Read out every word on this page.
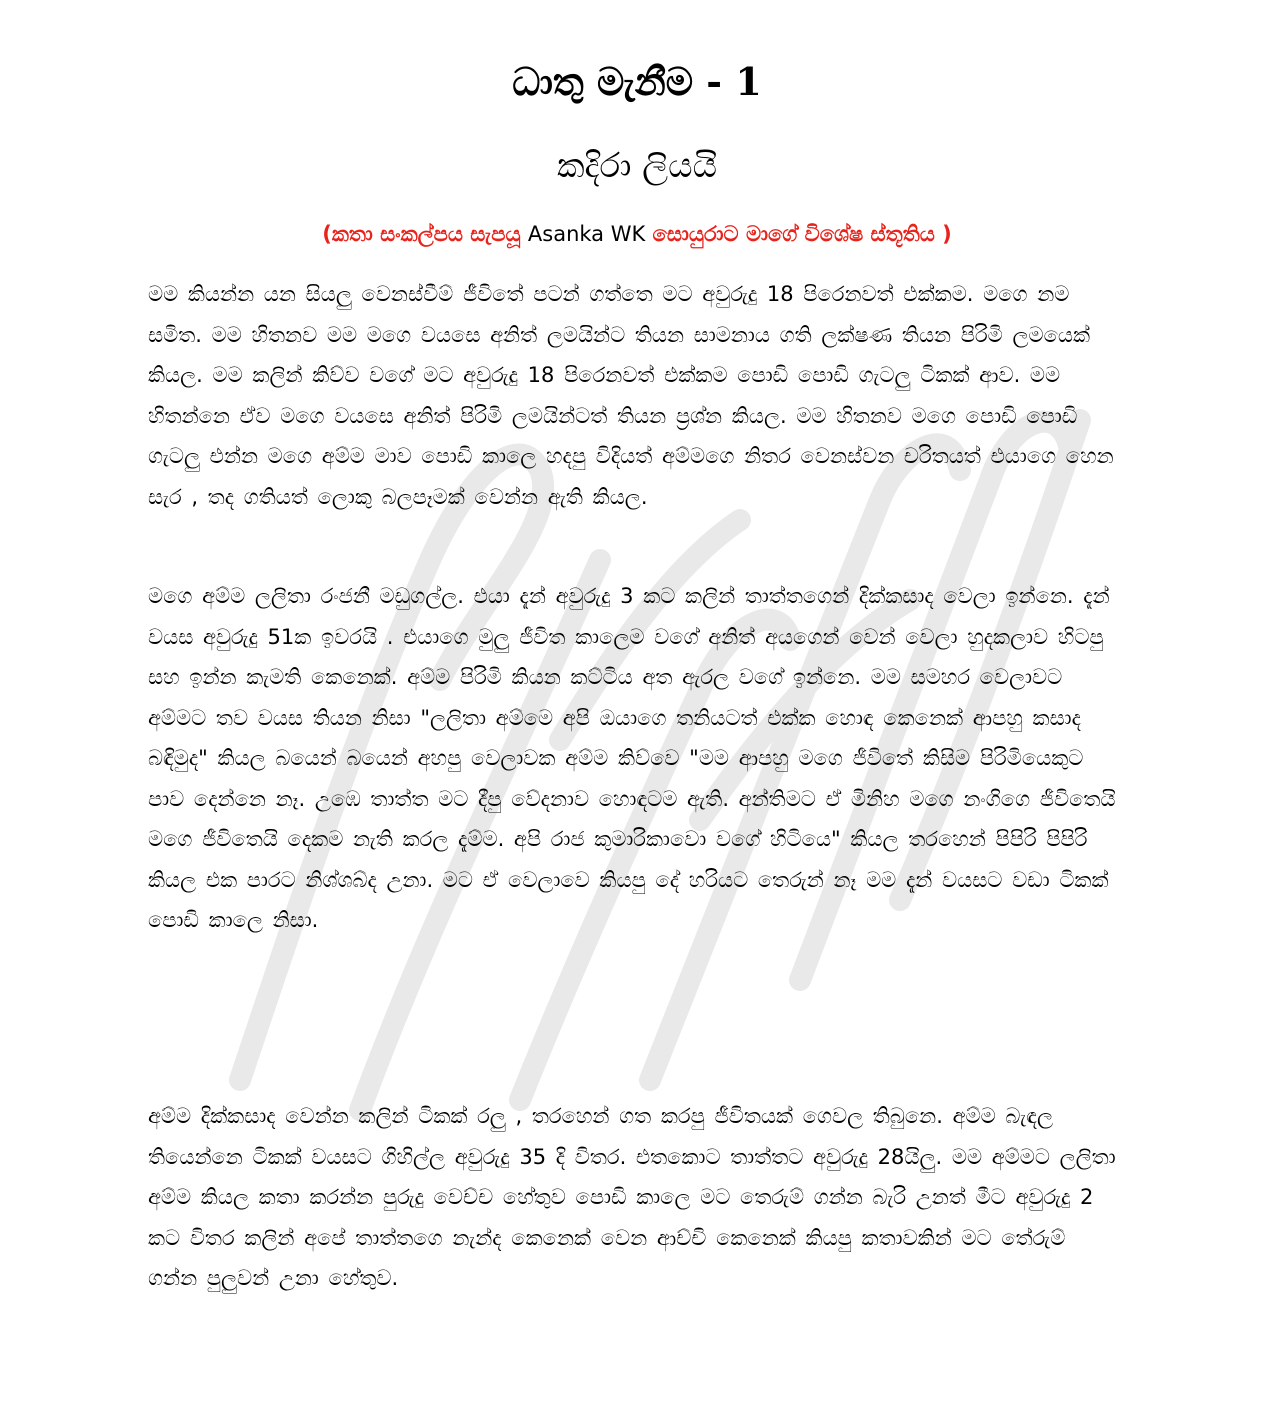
ධාතු මැනීම - 1
කදිරා ලියයි
(කතා සංකල්පය සැපයූ Asanka WK සොයුරාට මාගේ විශේෂ ස්තූතිය )

මම කියන්න යන සියලු වෙනස්වීම් ජීවිතේ පටන් ගත්තෙ මට අවුරුදු 18 පිරෙනවත් එක්කම. මගෙ නම සමිත. මම හිතනව මම මගෙ වයසෙ අනිත් ලමයින්ට තියන සාමනාය ගති ලක්ෂණ තියන පිරිමි ලමයෙක් කියල. මම කලින් කිව්ව වගේ මට අවුරුදු 18 පිරෙනවත් එක්කම පොඩි පොඩි ගැටලු ටිකක් ආව. මම හිතන්නෙ ඒව මගෙ වයසෙ අනිත් පිරිමි ලමයින්ටත් තියන ප්‍රශ්න කියල. මම හිතනව මගෙ පොඩි පොඩි ගැටලු එන්න මගෙ අම්ම මාව පොඩි කාලෙ හදපු විදියත් අම්මගෙ නිතර වෙනස්වන චරිතයත් එයාගෙ හෙන සැර , තද ගතියත් ලොකු බලපෑමක් වෙන්න ඇති කියල.

මගෙ අම්ම ලලිතා රංජනී මඩුගල්ල. එයා දැන් අවුරුදු 3 කට කලින් තාත්තගෙන් දික්කසාද වෙලා ඉන්නෙ. දැන් වයස අවුරුදු 51ක ඉවරයි . එයාගෙ මුලු ජීවිත කාලෙම වගේ අනිත් අයගෙන් වෙන් වෙලා හුදකලාව හිටපු සහ ඉන්න කැමති කෙනෙක්. අම්ම පිරිමි කියන කට්ටිය අත ඇරල වගේ ඉන්නෙ. මම සමහර වෙලාවට අම්මට තව වයස තියන නිසා "ලලිතා අම්මෙ අපි ඔයාගෙ තනියටත් එක්ක හොඳ කෙනෙක් ආපහු කසාද බඳිමුද" කියල බයෙන් බයෙන් අහපු වෙලාවක අම්ම කිව්වෙ "මම ආපහු මගෙ ජීවිතේ කිසිම පිරිමියෙකුට පාව දෙන්නෙ නෑ. උඹෙ තාත්ත මට දීපු වේදනාව හොඳටම ඇති. අන්තිමට ඒ මිනිහ මගෙ නංගිගෙ ජීවිතෙයි මගෙ ජීවිතෙයි දෙකම නැති කරල දැම්ම. අපි රාජ කුමාරිකාවො වගේ හිටියෙ" කියල තරහෙන් පිපිරි පිපිරි කියල එක පාරට නිශ්ශබ්ද උනා. මට ඒ වෙලාවෙ කියපු දේ හරියට තෙරුන් නෑ මම දැන් වයසට වඩා ටිකක් පොඩි කාලෙ නිසා.

අම්ම දික්කසාද වෙන්න කලින් ටිකක් රලු , තරහෙන් ගත කරපු ජීවිතයක් ගෙවල තිබුනෙ. අම්ම බැඳල තියෙන්නෙ ටිකක් වයසට ගිහිල්ල අවුරුදු 35 දි විතර. එතකොට තාත්තට අවුරුදු 28යිලු. මම අම්මට ලලිතා අම්ම කියල කතා කරන්න පුරුදු වෙච්ච හේතුව පොඩි කාලෙ මට තෙරුම් ගන්න බැරි උනත් මීට අවුරුදු 2 කට විතර කලින් අපේ තාත්තගෙ නැන්ද කෙනෙක් වෙන ආච්චි කෙනෙක් කියපු කතාවකින් මට තේරුම් ගන්න පුලුවන් උනා හේතුව.
